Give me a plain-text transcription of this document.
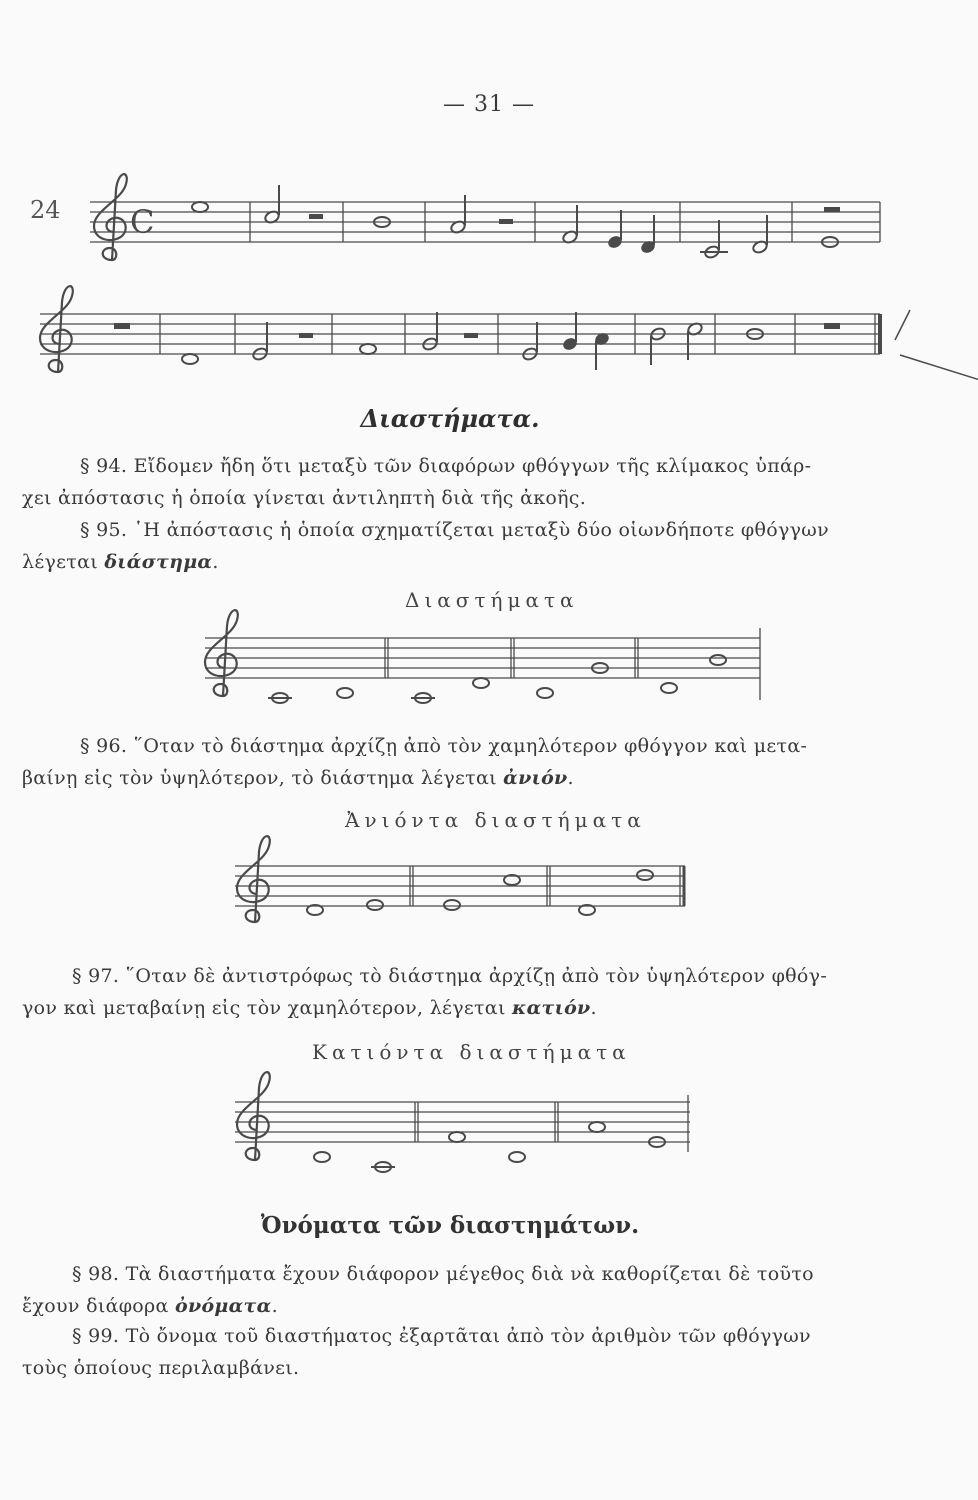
— 31 —
24 C
Διαστήματα.
§ 94. Εἴδομεν ἤδη ὅτι μεταξὺ τῶν διαφόρων φθόγγων τῆς κλίμακος ὑπάρ-
χει ἀπόστασις ἡ ὁποία γίνεται ἀντιληπτὴ διὰ τῆς ἀκοῆς.
§ 95. ῾Η ἀπόστασις ἡ ὁποία σχηματίζεται μεταξὺ δύο οἱωνδήποτε φθόγγων
λέγεται διάστημα.
Διαστήματα
§ 96. ῞Οταν τὸ διάστημα ἀρχίζῃ ἀπὸ τὸν χαμηλότερον φθόγγον καὶ μετα-
βαίνῃ εἰς τὸν ὑψηλότερον, τὸ διάστημα λέγεται ἀνιόν.
Ἀνιόντα διαστήματα
§ 97. ῞Οταν δὲ ἀντιστρόφως τὸ διάστημα ἀρχίζῃ ἀπὸ τὸν ὑψηλότερον φθόγ-
γον καὶ μεταβαίνῃ εἰς τὸν χαμηλότερον, λέγεται κατιόν.
Κατιόντα διαστήματα
Ὀνόματα τῶν διαστημάτων.
§ 98. Τὰ διαστήματα ἔχουν διάφορον μέγεθος διὰ νὰ καθορίζεται δὲ τοῦτο
ἔχουν διάφορα ὀνόματα.
§ 99. Τὸ ὄνομα τοῦ διαστήματος ἐξαρτᾶται ἀπὸ τὸν ἀριθμὸν τῶν φθόγγων
τοὺς ὁποίους περιλαμβάνει.
